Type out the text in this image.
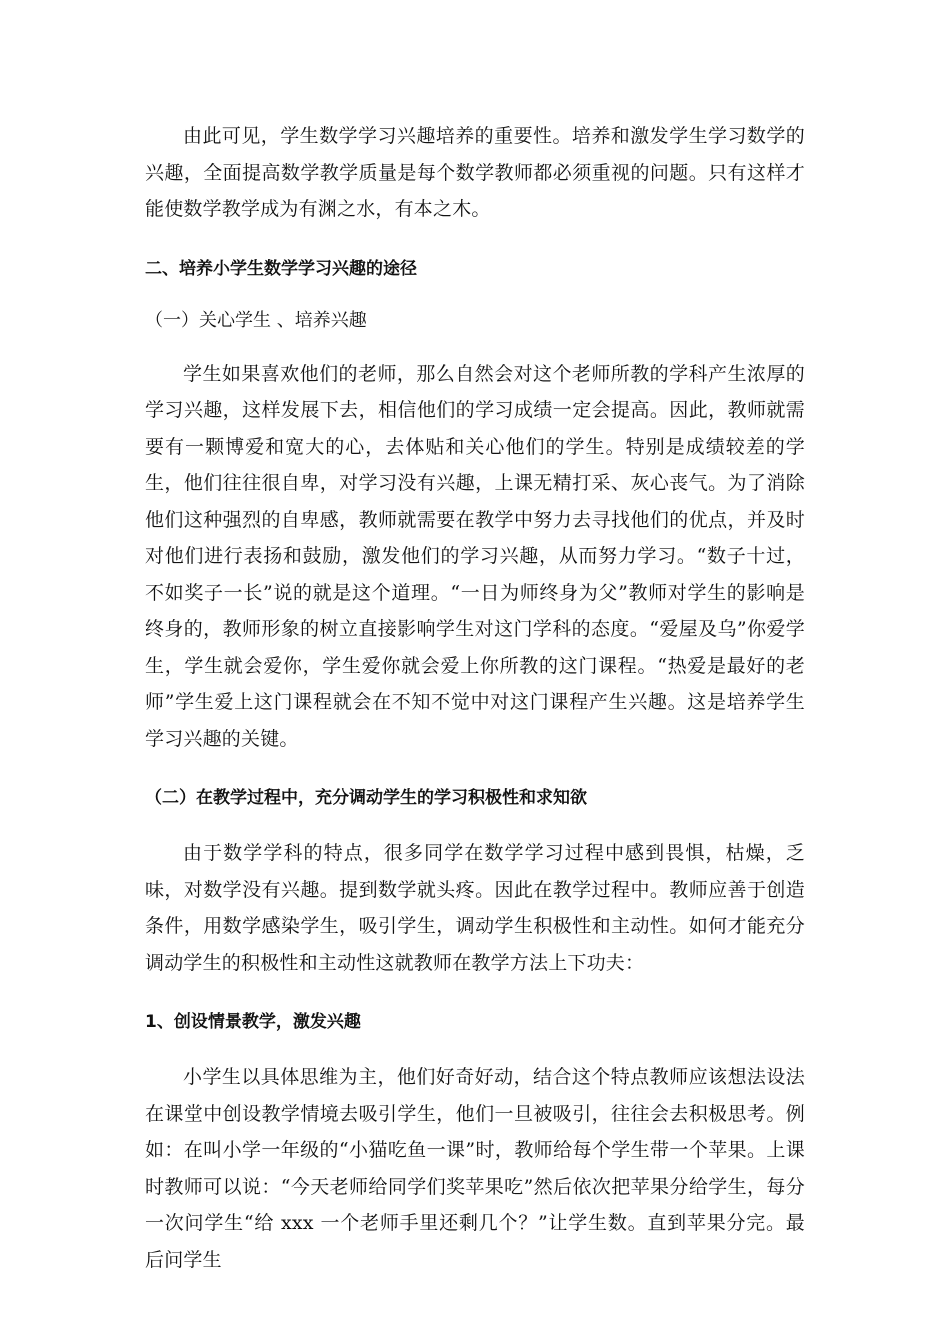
由此可见，学生数学学习兴趣培养的重要性。培养和激发学生学习数学的兴趣，全面提高数学教学质量是每个数学教师都必须重视的问题。只有这样才能使数学教学成为有渊之水，有本之木。

二、培养小学生数学学习兴趣的途径

（一）关心学生 、培养兴趣

学生如果喜欢他们的老师，那么自然会对这个老师所教的学科产生浓厚的学习兴趣，这样发展下去，相信他们的学习成绩一定会提高。因此，教师就需要有一颗博爱和宽大的心，去体贴和关心他们的学生。特别是成绩较差的学生，他们往往很自卑，对学习没有兴趣，上课无精打采、灰心丧气。为了消除他们这种强烈的自卑感，教师就需要在教学中努力去寻找他们的优点，并及时对他们进行表扬和鼓励，激发他们的学习兴趣，从而努力学习。“数子十过，不如奖子一长”说的就是这个道理。“一日为师终身为父”教师对学生的影响是终身的，教师形象的树立直接影响学生对这门学科的态度。“爱屋及乌”你爱学生，学生就会爱你，学生爱你就会爱上你所教的这门课程。“热爱是最好的老师”学生爱上这门课程就会在不知不觉中对这门课程产生兴趣。这是培养学生学习兴趣的关键。

（二）在教学过程中，充分调动学生的学习积极性和求知欲

由于数学学科的特点，很多同学在数学学习过程中感到畏惧，枯燥，乏味，对数学没有兴趣。提到数学就头疼。因此在教学过程中。教师应善于创造条件，用数学感染学生，吸引学生，调动学生积极性和主动性。如何才能充分调动学生的积极性和主动性这就教师在教学方法上下功夫：

1、创设情景教学，激发兴趣

小学生以具体思维为主，他们好奇好动，结合这个特点教师应该想法设法在课堂中创设教学情境去吸引学生，他们一旦被吸引，往往会去积极思考。例如：在叫小学一年级的“小猫吃鱼一课”时，教师给每个学生带一个苹果。上课时教师可以说：“今天老师给同学们奖苹果吃”然后依次把苹果分给学生，每分一次问学生“给 xxx 一个老师手里还剩几个？”让学生数。直到苹果分完。最后问学生
